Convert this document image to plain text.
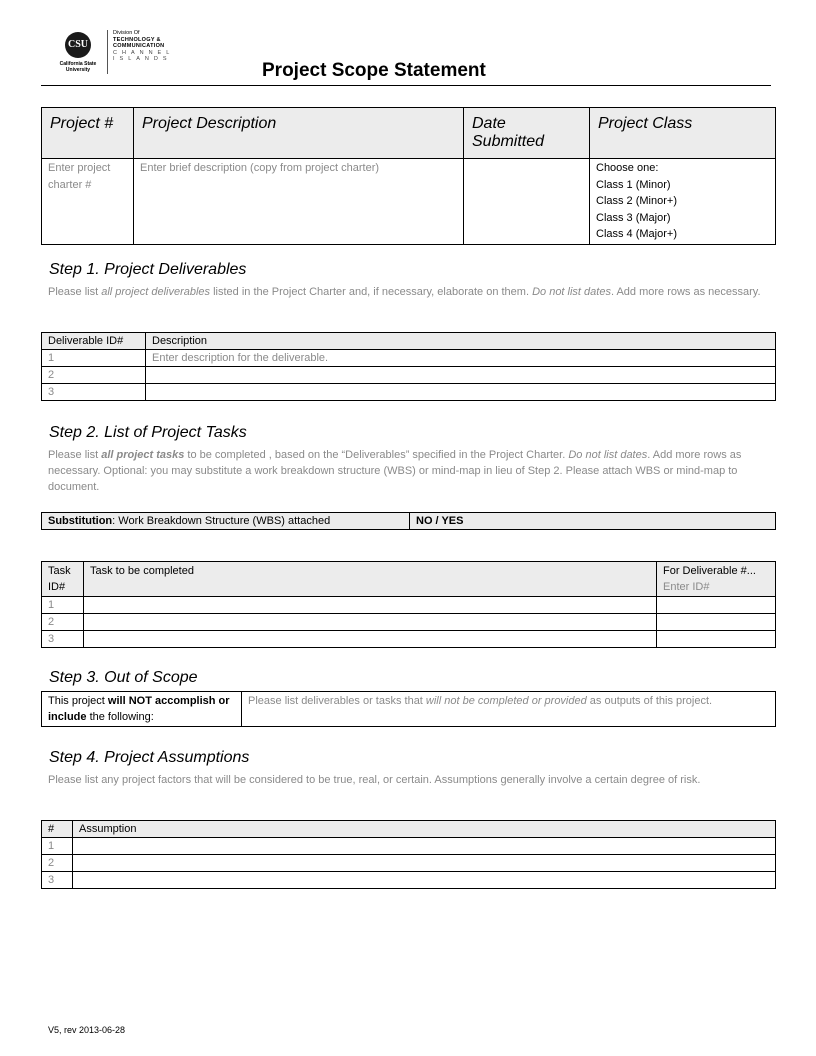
CSU
California State University
Division Of
TECHNOLOGY &
COMMUNICATION
CHANNEL
ISLANDS
Project Scope Statement
Project #	Project Description	Date Submitted	Project Class
Enter project charter #	Enter brief description (copy from project charter)		Choose one:
Class 1 (Minor)
Class 2 (Minor+)
Class 3 (Major)
Class 4 (Major+)
Step 1. Project Deliverables
Please list all project deliverables listed in the Project Charter and, if necessary, elaborate on them. Do not list dates. Add more rows as necessary.
Deliverable ID#	Description
1	Enter description for the deliverable.
2	
3	
Step 2. List of Project Tasks
Please list all project tasks to be completed , based on the “Deliverables” specified in the Project Charter. Do not list dates. Add more rows as necessary. Optional: you may substitute a work breakdown structure (WBS) or mind-map in lieu of Step 2. Please attach WBS or mind-map to document.
Substitution: Work Breakdown Structure (WBS) attached	NO / YES
Task ID#	Task to be completed	For Deliverable #...
Enter ID#

1		
2		
3		
Step 3. Out of Scope
This project will NOT accomplish or include the following:	Please list deliverables or tasks that will not be completed or provided as outputs of this project.
Step 4. Project Assumptions
Please list any project factors that will be considered to be true, real, or certain. Assumptions generally involve a certain degree of risk.
#	Assumption
1	
2	
3	
V5, rev 2013-06-28
